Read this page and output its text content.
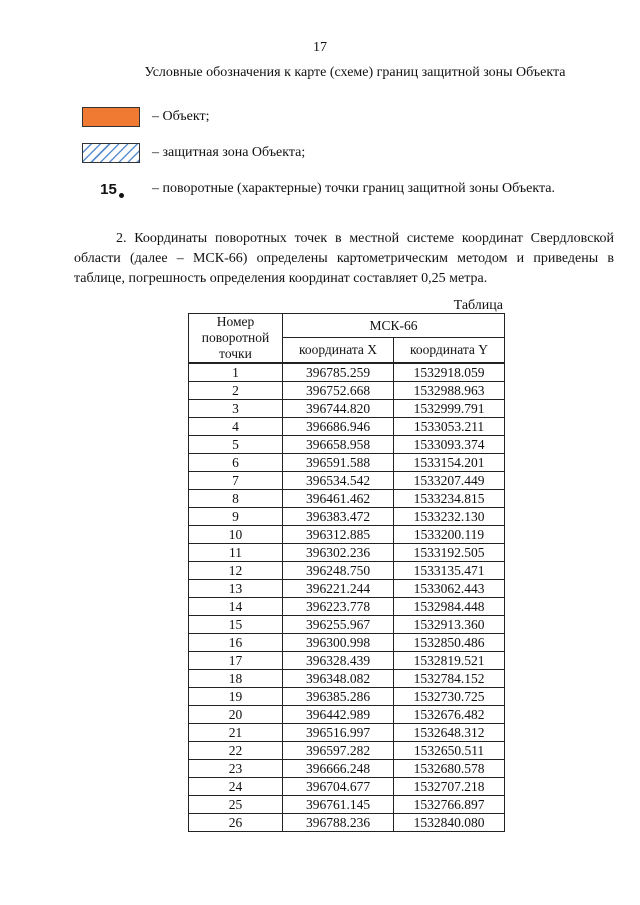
17
Условные обозначения к карте (схеме) границ защитной зоны Объекта
– Объект;
– защитная зона Объекта;
15	– поворотные (характерные) точки границ защитной зоны Объекта.
2. Координаты поворотных точек в местной системе координат Свердловской области (далее – МСК-66) определены картометрическим методом и приведены в таблице, погрешность определения координат составляет 0,25 метра.
Таблица
Номер поворотной точки	МСК-66	
	координата X	координата Y
1	396785.259	1532918.059
2	396752.668	1532988.963
3	396744.820	1532999.791
4	396686.946	1533053.211
5	396658.958	1533093.374
6	396591.588	1533154.201
7	396534.542	1533207.449
8	396461.462	1533234.815
9	396383.472	1533232.130
10	396312.885	1533200.119
11	396302.236	1533192.505
12	396248.750	1533135.471
13	396221.244	1533062.443
14	396223.778	1532984.448
15	396255.967	1532913.360
16	396300.998	1532850.486
17	396328.439	1532819.521
18	396348.082	1532784.152
19	396385.286	1532730.725
20	396442.989	1532676.482
21	396516.997	1532648.312
22	396597.282	1532650.511
23	396666.248	1532680.578
24	396704.677	1532707.218
25	396761.145	1532766.897
26	396788.236	1532840.080
